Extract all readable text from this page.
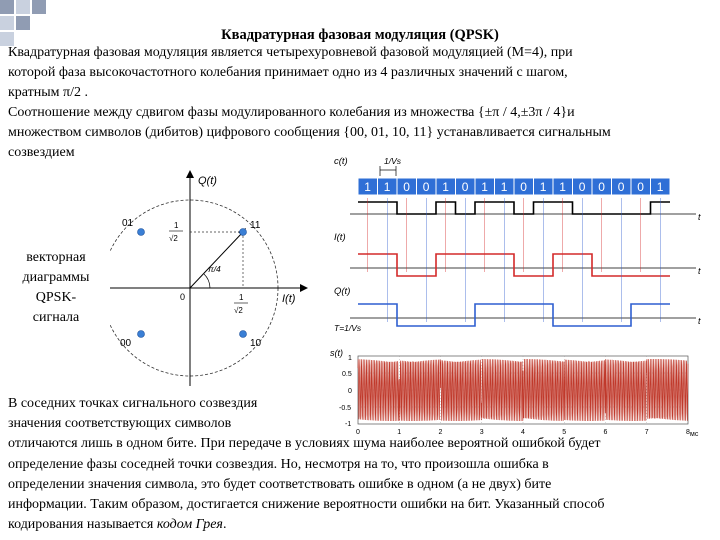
Квадратурная фазовая модуляция (QPSK)
Квадратурная фазовая модуляция является четырехуровневой фазовой модуляцией (M=4), при
которой фаза высокочастотного колебания принимает одно из 4 различных значений с шагом,
кратным π/2 .
Соотношение между сдвигом фазы модулированного колебания из множества {±π / 4,±3π / 4}и
множеством символов (дибитов) цифрового сообщения {00, 01, 10, 11} устанавливается сигнальным
созвездием
Q(t)
I(t)
0
π/4
1
√2
1
√2
01	11
00	10
векторная
диаграммы
QPSK-
сигнала
c(t)	1/Vs
1 1 0 0 1 0 1 1 0 1 1 0 0 0 0 1
I(t)
Q(t)
T=1/Vs
t
t
t
s(t)
1
0.5
0
-0.5
-1
0	1	2	3	4	5	6	7	8 мс
В соседних точках сигнального созвездия
значения соответствующих символов
отличаются лишь в одном бите. При передаче в условиях шума наиболее вероятной ошибкой будет
определение фазы соседней точки созвездия. Но, несмотря на то, что произошла ошибка в
определении значения символа, это будет соответствовать ошибке в одном (а не двух) бите
информации. Таким образом, достигается снижение вероятности ошибки на бит. Указанный способ
кодирования называется кодом Грея.
